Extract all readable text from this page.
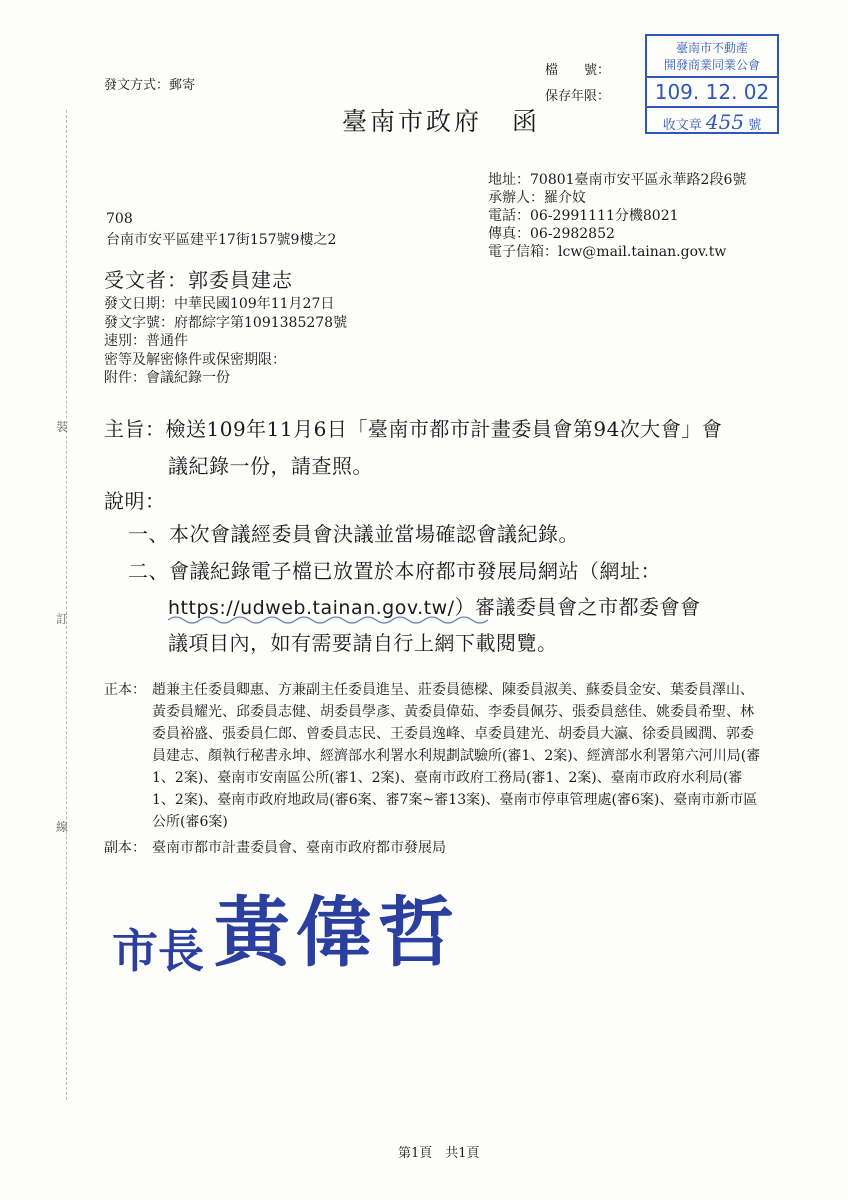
裝
訂
線
發文方式：郵寄
檔　　號：
保存年限：
臺南市不動產
開發商業同業公會
109. 12. 02
收文章 455 號
臺南市政府 函
地址：70801臺南市安平區永華路2段6號
承辦人：羅介妏
電話：06-2991111分機8021
傳真：06-2982852
電子信箱：lcw@mail.tainan.gov.tw
708
台南市安平區建平17街157號9樓之2
受文者：郭委員建志
發文日期：中華民國109年11月27日
發文字號：府都綜字第1091385278號
速別：普通件
密等及解密條件或保密期限：
附件：會議紀錄一份
主旨：檢送109年11月6日「臺南市都市計畫委員會第94次大會」會
議紀錄一份，請查照。
說明：
一、本次會議經委員會決議並當場確認會議紀錄。
二、會議紀錄電子檔已放置於本府都市發展局網站（網址：
https://udweb.tainan.gov.tw/
）審議委員會之市都委會會
議項目內，如有需要請自行上網下載閱覽。
正本： 趙兼主任委員卿惠、方兼副主任委員進呈、莊委員德樑、陳委員淑美、蘇委員金安、葉委員澤山、黃委員耀光、邱委員志健、胡委員學彥、黃委員偉茹、李委員佩芬、張委員慈佳、姚委員希聖、林委員裕盛、張委員仁郎、曾委員志民、王委員逸峰、卓委員建光、胡委員大瀛、徐委員國潤、郭委員建志、顏執行秘書永坤、經濟部水利署水利規劃試驗所(審1、2案)、經濟部水利署第六河川局(審1、2案)、臺南市安南區公所(審1、2案)、臺南市政府工務局(審1、2案)、臺南市政府水利局(審1、2案)、臺南市政府地政局(審6案、審7案~審13案)、臺南市停車管理處(審6案)、臺南市新市區公所(審6案)
副本： 臺南市都市計畫委員會、臺南市政府都市發展局
市長 黃偉哲
第1頁　共1頁
